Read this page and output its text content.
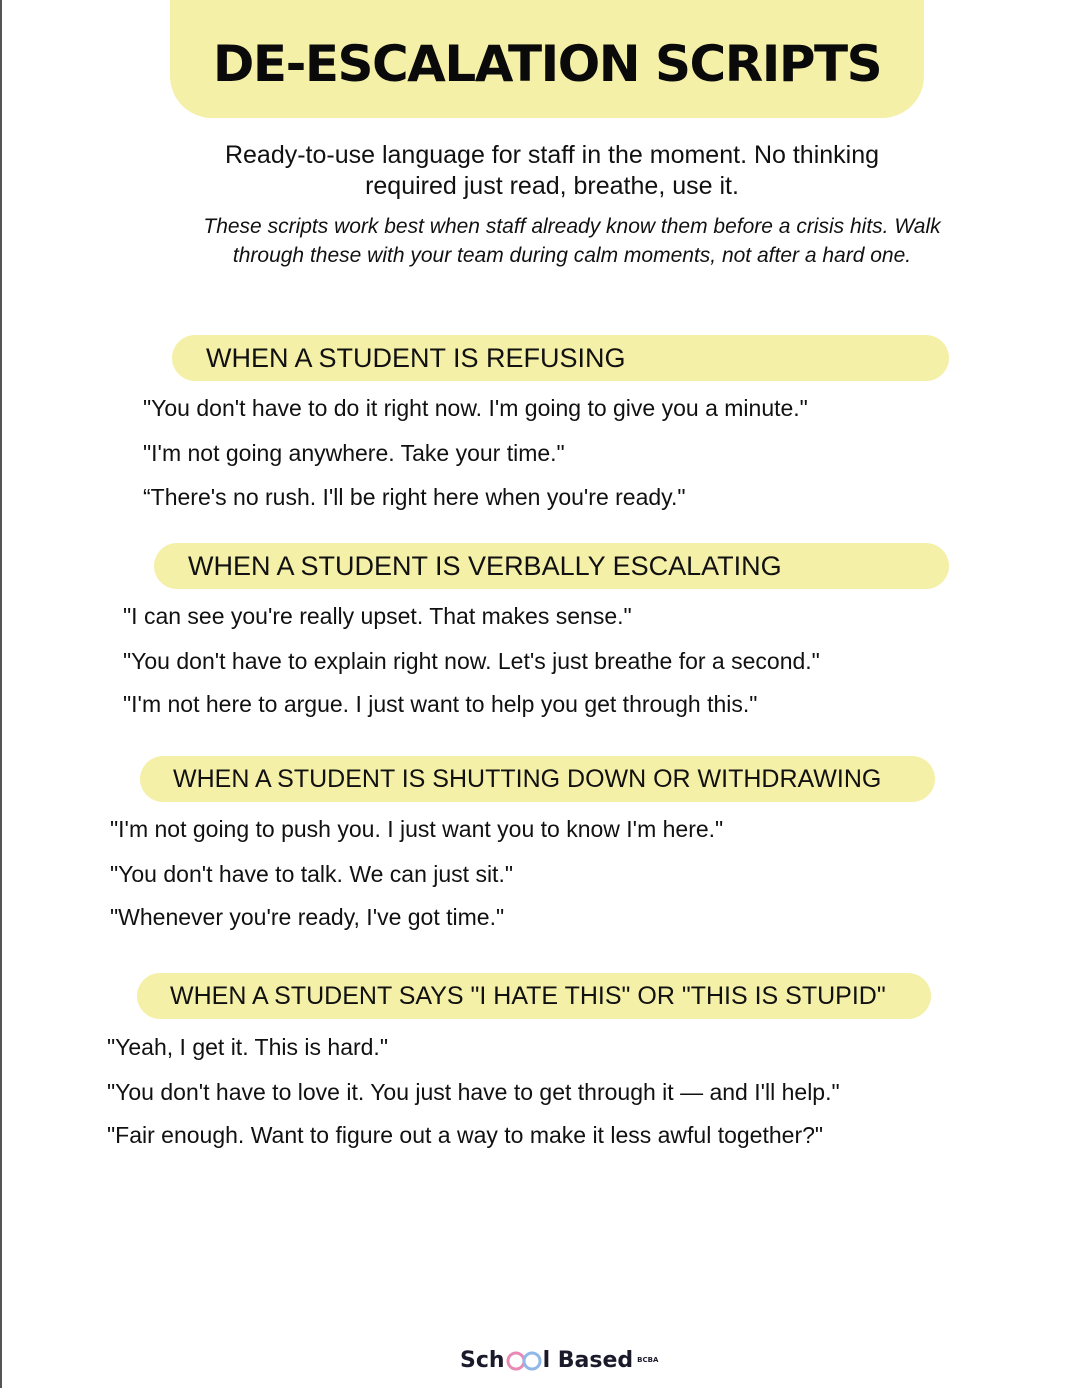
DE-ESCALATION SCRIPTS
Ready-to-use language for staff in the moment. No thinking
required just read, breathe, use it.
These scripts work best when staff already know them before a crisis hits. Walk
through these with your team during calm moments, not after a hard one.
WHEN A STUDENT IS REFUSING
"You don't have to do it right now. I'm going to give you a minute."
"I'm not going anywhere. Take your time."
“There's no rush. I'll be right here when you're ready."
WHEN A STUDENT IS VERBALLY ESCALATING
"I can see you're really upset. That makes sense."
"You don't have to explain right now. Let's just breathe for a second."
"I'm not here to argue. I just want to help you get through this."
WHEN A STUDENT IS SHUTTING DOWN OR WITHDRAWING
"I'm not going to push you. I just want you to know I'm here."
"You don't have to talk. We can just sit."
"Whenever you're ready, I've got time."
WHEN A STUDENT SAYS "I HATE THIS" OR "THIS IS STUPID"
"Yeah, I get it. This is hard."
"You don't have to love it. You just have to get through it — and I'll help."
"Fair enough. Want to figure out a way to make it less awful together?"
Sch l Based BCBA
